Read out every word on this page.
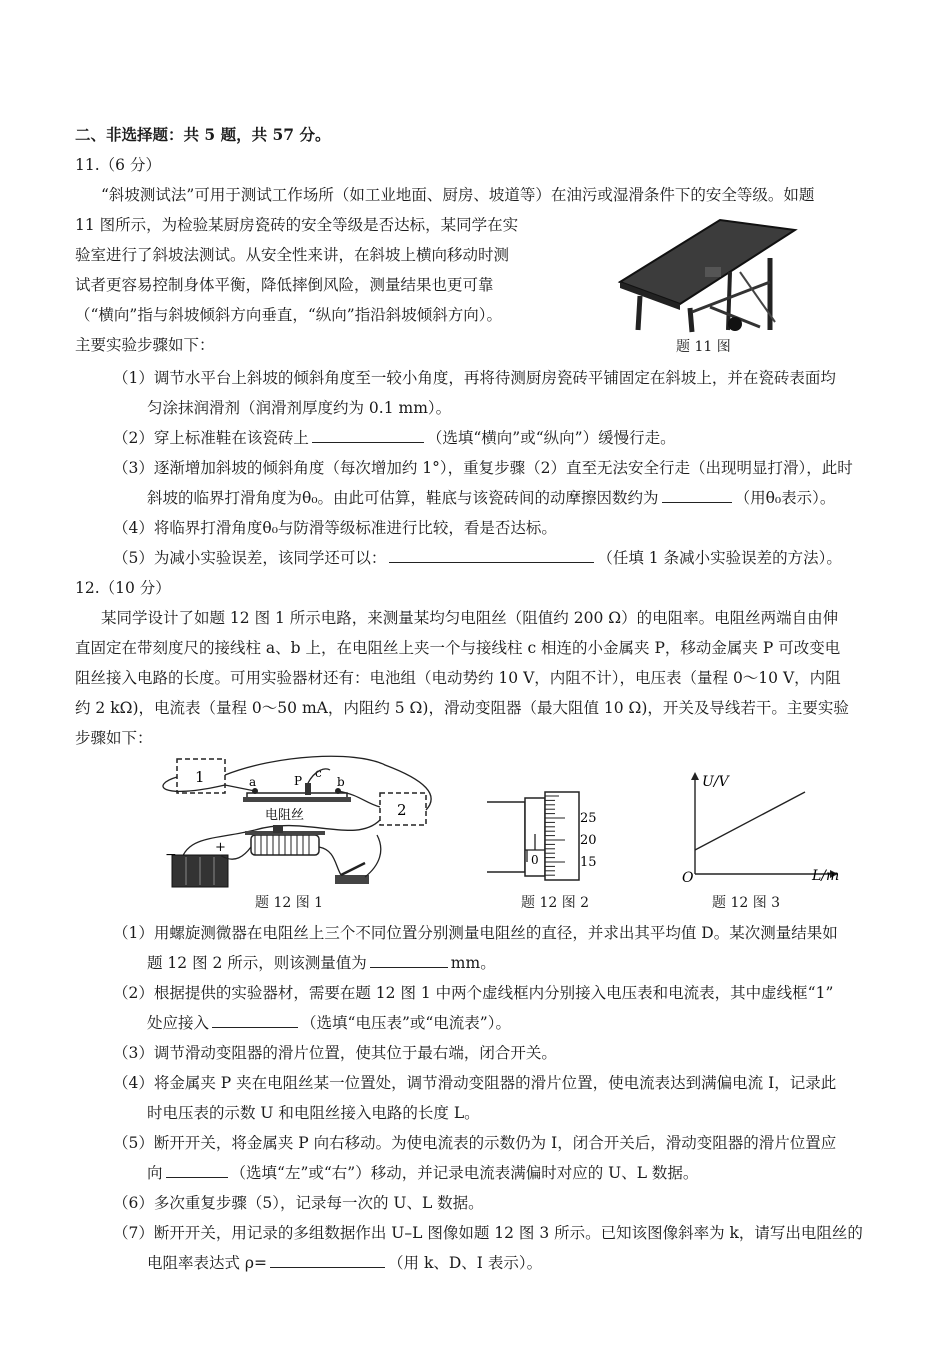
二、非选择题：共 5 题，共 57 分。
11.（6 分）
“斜坡测试法”可用于测试工作场所（如工业地面、厨房、坡道等）在油污或湿滑条件下的安全等级。如题
11 图所示，为检验某厨房瓷砖的安全等级是否达标，某同学在实
验室进行了斜坡法测试。从安全性来讲，在斜坡上横向移动时测
试者更容易控制身体平衡，降低摔倒风险，测量结果也更可靠
（“横向”指与斜坡倾斜方向垂直，“纵向”指沿斜坡倾斜方向）。
主要实验步骤如下：	题 11 图
（1）调节水平台上斜坡的倾斜角度至一较小角度，再将待测厨房瓷砖平铺固定在斜坡上，并在瓷砖表面均
匀涂抹润滑剂（润滑剂厚度约为 0.1 mm）。
（2）穿上标准鞋在该瓷砖上	（选填“横向”或“纵向”）缓慢行走。
（3）逐渐增加斜坡的倾斜角度（每次增加约 1°），重复步骤（2）直至无法安全行走（出现明显打滑），此时
斜坡的临界打滑角度为θ₀。由此可估算，鞋底与该瓷砖间的动摩擦因数约为	（用θ₀表示）。
（4）将临界打滑角度θ₀与防滑等级标准进行比较，看是否达标。
（5）为减小实验误差，该同学还可以：	（任填 1 条减小实验误差的方法）。
12.（10 分）
某同学设计了如题 12 图 1 所示电路，来测量某均匀电阻丝（阻值约 200 Ω）的电阻率。电阻丝两端自由伸
直固定在带刻度尺的接线柱 a、b 上，在电阻丝上夹一个与接线柱 c 相连的小金属夹 P，移动金属夹 P 可改变电
阻丝接入电路的长度。可用实验器材还有：电池组（电动势约 10 V，内阻不计），电压表（量程 0～10 V，内阻
约 2 kΩ)，电流表（量程 0～50 mA，内阻约 5 Ω)，滑动变阻器（最大阻值 10 Ω)，开关及导线若干。主要实验
步骤如下：
1
2
a	b
P
c
电阻丝
−	+
题 12 图 1
0
25
20
15
题 12 图 2
U/V
L/m
O
题 12 图 3
（1）用螺旋测微器在电阻丝上三个不同位置分别测量电阻丝的直径，并求出其平均值 D。某次测量结果如
题 12 图 2 所示，则该测量值为	mm。
（2）根据提供的实验器材，需要在题 12 图 1 中两个虚线框内分别接入电压表和电流表，其中虚线框“1”
处应接入	（选填“电压表”或“电流表”）。
（3）调节滑动变阻器的滑片位置，使其位于最右端，闭合开关。
（4）将金属夹 P 夹在电阻丝某一位置处，调节滑动变阻器的滑片位置，使电流表达到满偏电流 I，记录此
时电压表的示数 U 和电阻丝接入电路的长度 L。
（5）断开开关，将金属夹 P 向右移动。为使电流表的示数仍为 I，闭合开关后，滑动变阻器的滑片位置应
向	（选填“左”或“右”）移动，并记录电流表满偏时对应的 U、L 数据。
（6）多次重复步骤（5），记录每一次的 U、L 数据。
（7）断开开关，用记录的多组数据作出 U–L 图像如题 12 图 3 所示。已知该图像斜率为 k，请写出电阻丝的
电阻率表达式 ρ=	（用 k、D、I 表示）。
